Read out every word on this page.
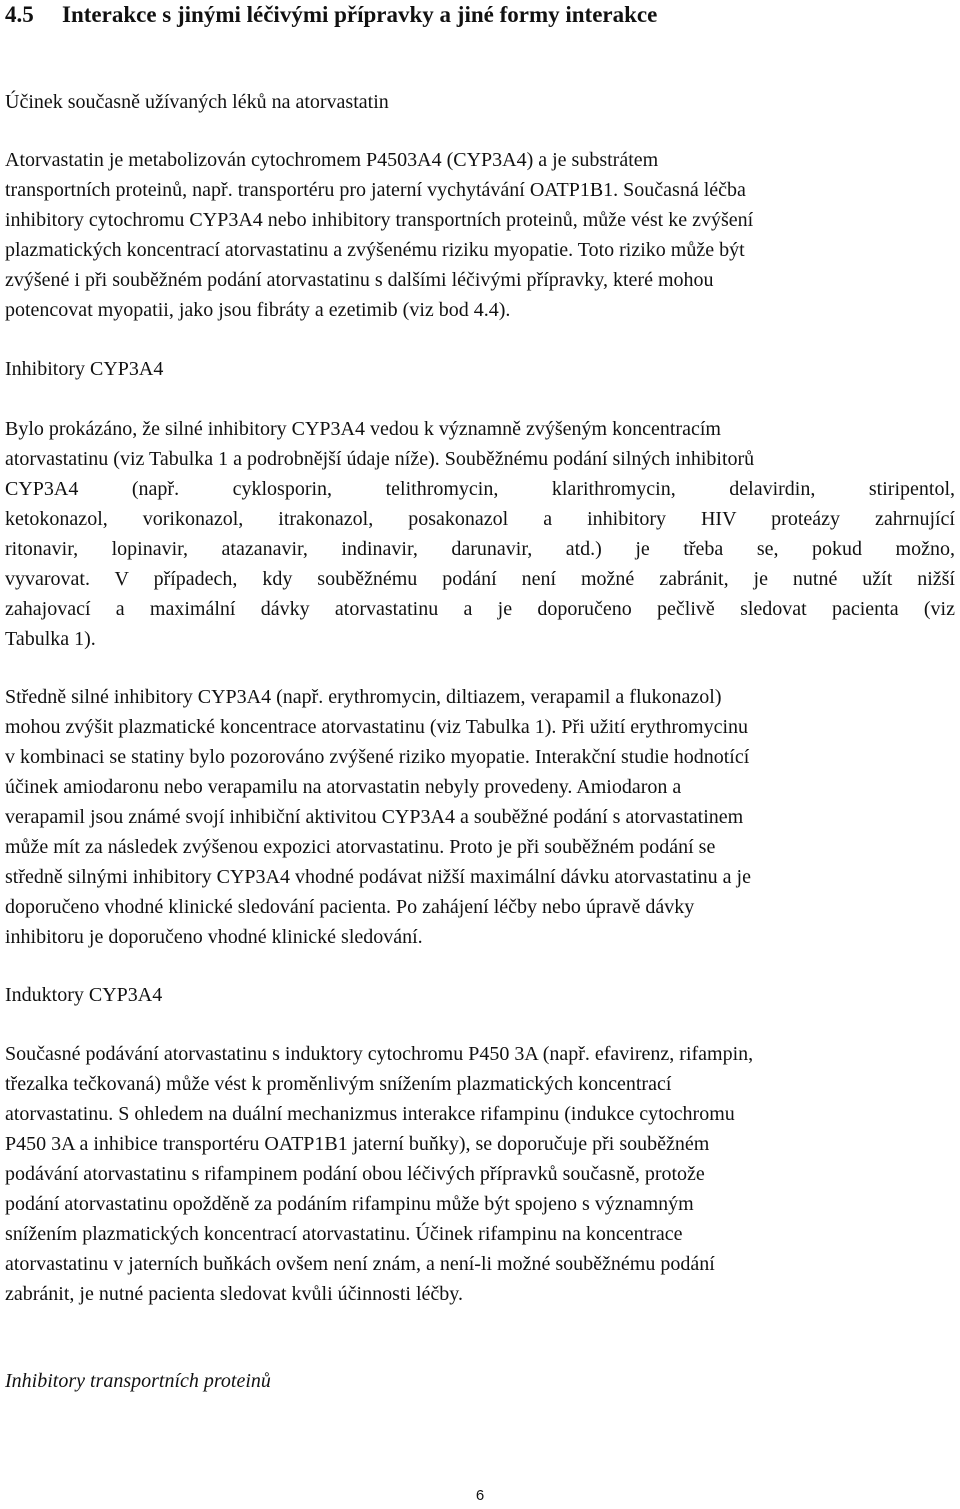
4.5 Interakce s jinými léčivými přípravky a jiné formy interakce
Účinek současně užívaných léků na atorvastatin
Atorvastatin je metabolizován cytochromem P4503A4 (CYP3A4) a je substrátem
transportních proteinů, např. transportéru pro jaterní vychytávání OATP1B1. Současná léčba
inhibitory cytochromu CYP3A4 nebo inhibitory transportních proteinů, může vést ke zvýšení
plazmatických koncentrací atorvastatinu a zvýšenému riziku myopatie. Toto riziko může být
zvýšené i při souběžném podání atorvastatinu s dalšími léčivými přípravky, které mohou
potencovat myopatii, jako jsou fibráty a ezetimib (viz bod 4.4).
Inhibitory CYP3A4
Bylo prokázáno, že silné inhibitory CYP3A4 vedou k významně zvýšeným koncentracím
atorvastatinu (viz Tabulka 1 a podrobnější údaje níže). Souběžnému podání silných inhibitorů
CYP3A4 (např. cyklosporin, telithromycin, klarithromycin, delavirdin, stiripentol,
ketokonazol, vorikonazol, itrakonazol, posakonazol a inhibitory HIV proteázy zahrnující
ritonavir, lopinavir, atazanavir, indinavir, darunavir, atd.) je třeba se, pokud možno,
vyvarovat. V případech, kdy souběžnému podání není možné zabránit, je nutné užít nižší
zahajovací a maximální dávky atorvastatinu a je doporučeno pečlivě sledovat pacienta (viz
Tabulka 1).
Středně silné inhibitory CYP3A4 (např. erythromycin, diltiazem, verapamil a flukonazol)
mohou zvýšit plazmatické koncentrace atorvastatinu (viz Tabulka 1). Při užití erythromycinu
v kombinaci se statiny bylo pozorováno zvýšené riziko myopatie. Interakční studie hodnotící
účinek amiodaronu nebo verapamilu na atorvastatin nebyly provedeny. Amiodaron a
verapamil jsou známé svojí inhibiční aktivitou CYP3A4 a souběžné podání s atorvastatinem
může mít za následek zvýšenou expozici atorvastatinu. Proto je při souběžném podání se
středně silnými inhibitory CYP3A4 vhodné podávat nižší maximální dávku atorvastatinu a je
doporučeno vhodné klinické sledování pacienta. Po zahájení léčby nebo úpravě dávky
inhibitoru je doporučeno vhodné klinické sledování.
Induktory CYP3A4
Současné podávání atorvastatinu s induktory cytochromu P450 3A (např. efavirenz, rifampin,
třezalka tečkovaná) může vést k proměnlivým snížením plazmatických koncentrací
atorvastatinu. S ohledem na duální mechanizmus interakce rifampinu (indukce cytochromu
P450 3A a inhibice transportéru OATP1B1 jaterní buňky), se doporučuje při souběžném
podávání atorvastatinu s rifampinem podání obou léčivých přípravků současně, protože
podání atorvastatinu opožděně za podáním rifampinu může být spojeno s významným
snížením plazmatických koncentrací atorvastatinu. Účinek rifampinu na koncentrace
atorvastatinu v jaterních buňkách ovšem není znám, a není-li možné souběžnému podání
zabránit, je nutné pacienta sledovat kvůli účinnosti léčby.
Inhibitory transportních proteinů
6
